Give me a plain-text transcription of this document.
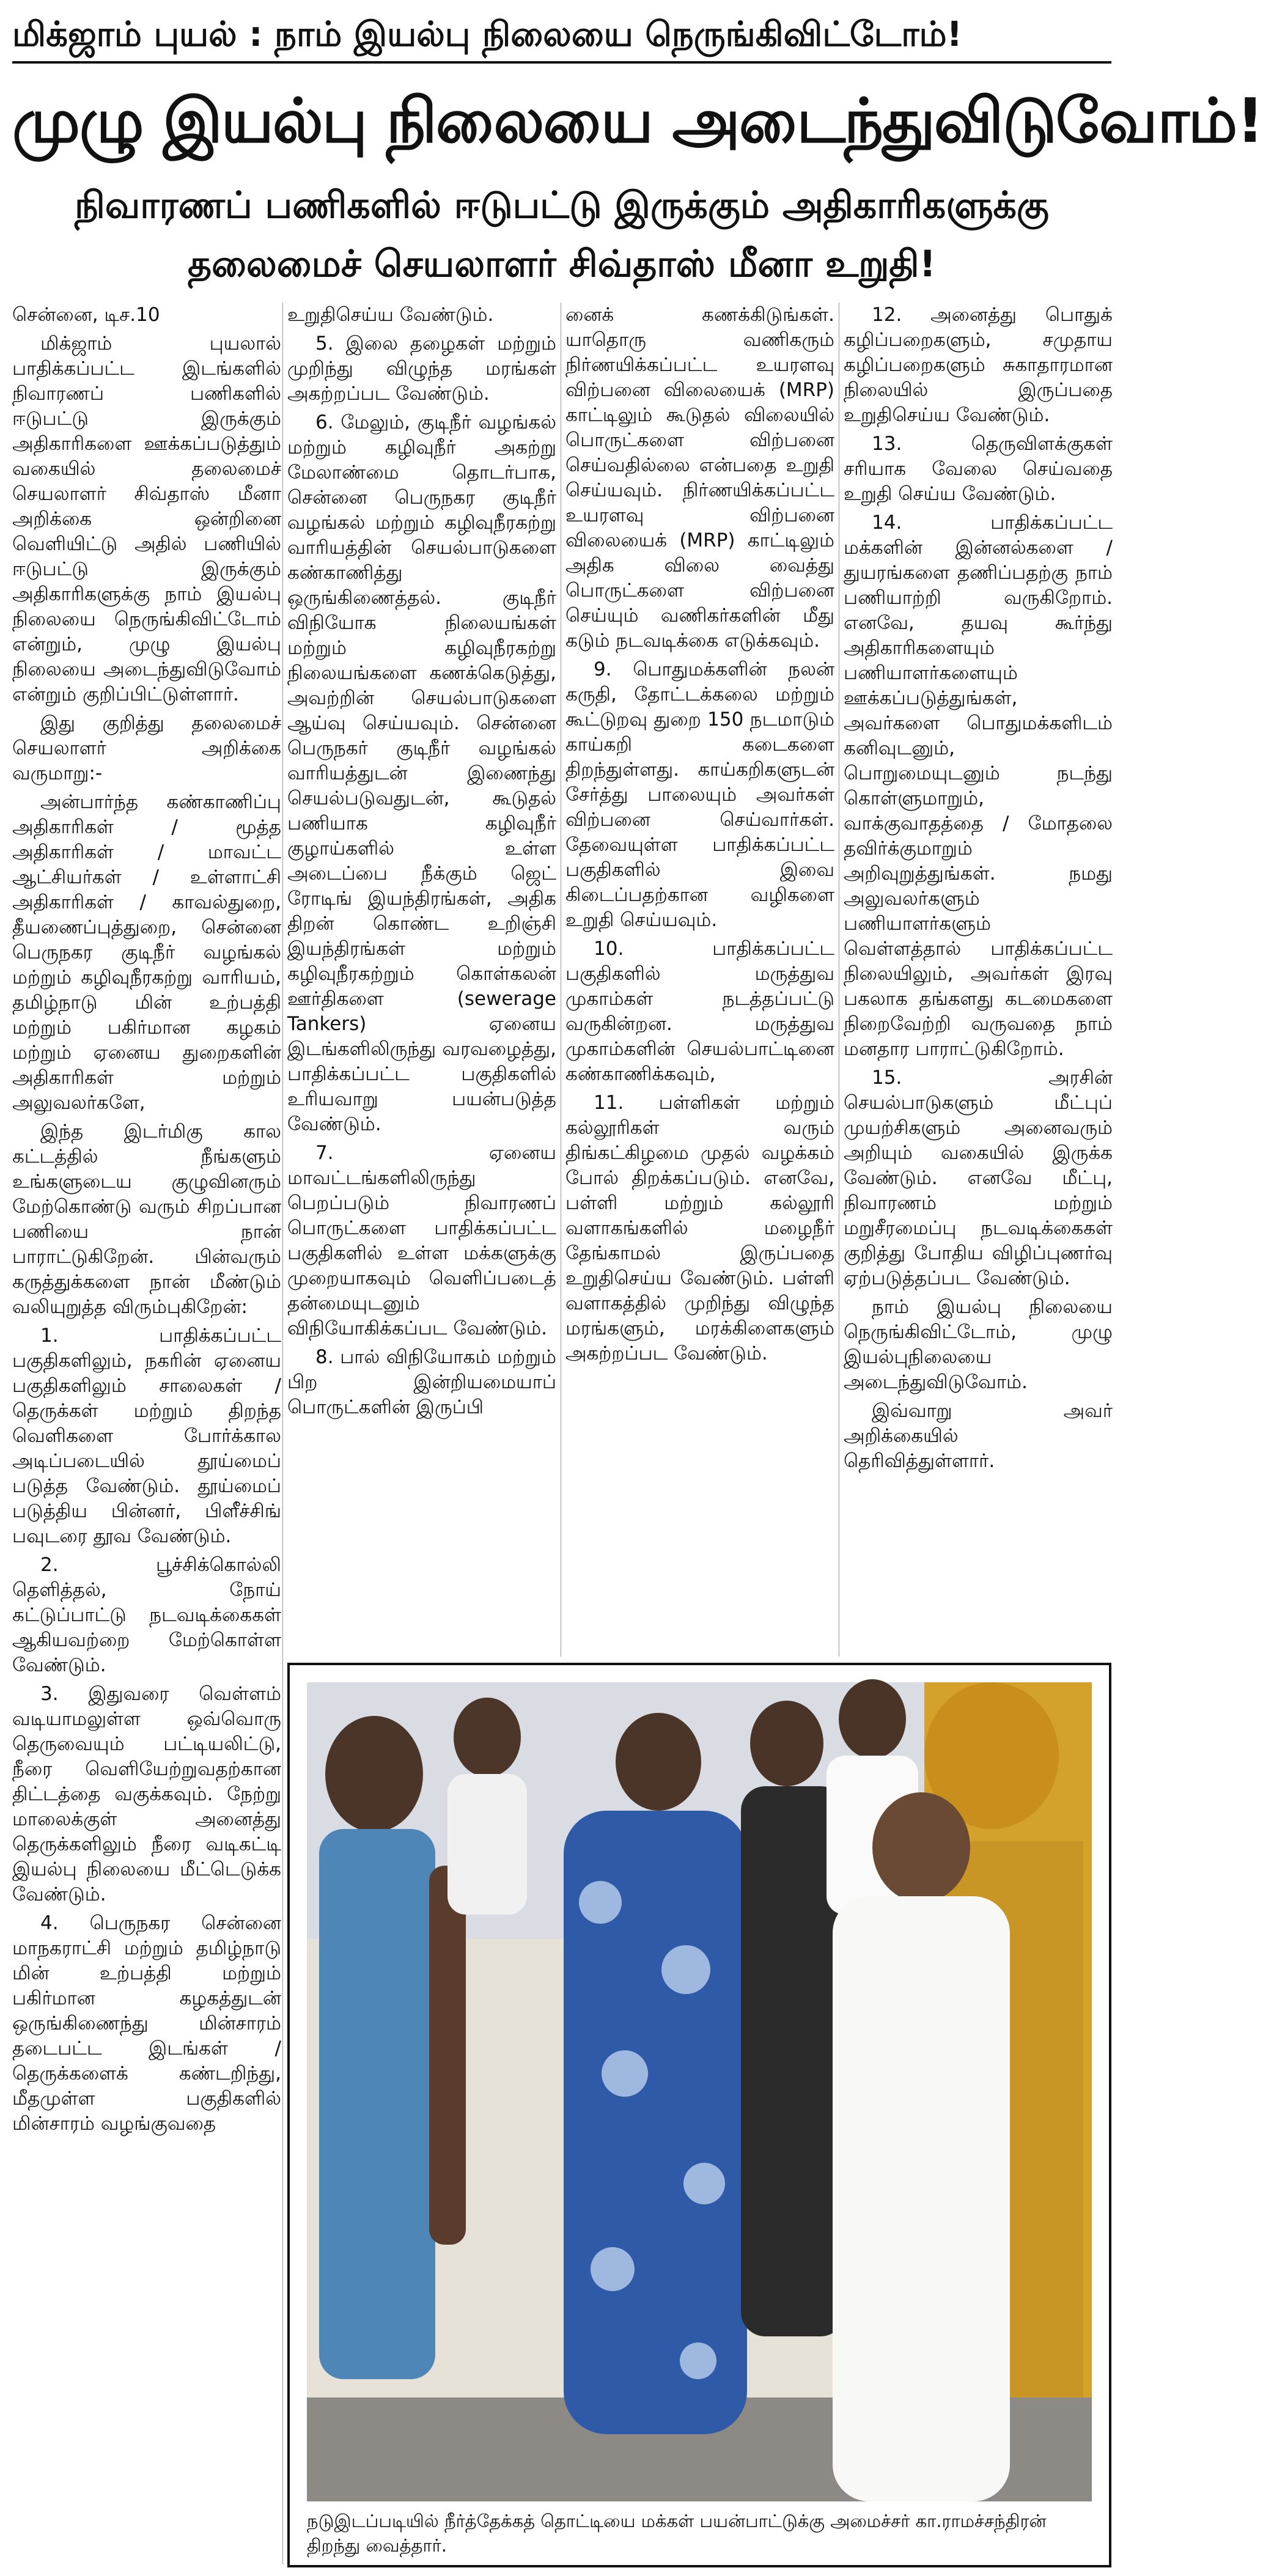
மிக்ஜாம் புயல் : நாம் இயல்பு நிலையை நெருங்கிவிட்டோம்!
முழு இயல்பு நிலையை அடைந்துவிடுவோம்!
நிவாரணப் பணிகளில் ஈடுபட்டு இருக்கும் அதிகாரிகளுக்கு
தலைமைச் செயலாளர் சிவ்தாஸ் மீனா உறுதி!

சென்னை, டிச.10

மிக்ஜாம் புயலால் பாதிக்கப்பட்ட இடங்களில் நிவாரணப் பணிகளில் ஈடுபட்டு இருக்கும் அதிகாரிகளை ஊக்கப்படுத்தும் வகையில் தலைமைச் செயலாளர் சிவ்தாஸ் மீனா அறிக்கை ஒன்றினை வெளியிட்டு அதில் பணியில் ஈடுபட்டு இருக்கும் அதிகாரிகளுக்கு நாம் இயல்பு நிலையை நெருங்கிவிட்டோம் என்றும், முழு இயல்பு நிலையை அடைந்துவிடுவோம் என்றும் குறிப்பிட்டுள்ளார்.

இது குறித்து தலைமைச் செயலாளர் அறிக்கை வருமாறு:-

அன்பார்ந்த கண்காணிப்பு அதிகாரிகள் / மூத்த அதிகாரிகள் / மாவட்ட ஆட்சியர்கள் / உள்ளாட்சி அதிகாரிகள் / காவல்துறை, தீயணைப்புத்துறை, சென்னை பெருநகர குடிநீர் வழங்கல் மற்றும் கழிவுநீரகற்று வாரியம், தமிழ்நாடு மின் உற்பத்தி மற்றும் பகிர்மான கழகம் மற்றும் ஏனைய துறைகளின் அதிகாரிகள் மற்றும் அலுவலர்களே,

இந்த இடர்மிகு கால கட்டத்தில் நீங்களும் உங்களுடைய குழுவினரும் மேற்கொண்டு வரும் சிறப்பான பணியை நான் பாராட்டுகிறேன். பின்வரும் கருத்துக்களை நான் மீண்டும் வலியுறுத்த விரும்புகிறேன்:

1. பாதிக்கப்பட்ட பகுதிகளிலும், நகரின் ஏனைய பகுதிகளிலும் சாலைகள் / தெருக்கள் மற்றும் திறந்த வெளிகளை போர்க்கால அடிப்படையில் தூய்மைப் படுத்த வேண்டும். தூய்மைப் படுத்திய பின்னர், பிளீச்சிங் பவுடரை தூவ வேண்டும்.

2. பூச்சிக்கொல்லி தெளித்தல், நோய் கட்டுப்பாட்டு நடவடிக்கைகள் ஆகியவற்றை மேற்கொள்ள வேண்டும்.

3. இதுவரை வெள்ளம் வடியாமலுள்ள ஒவ்வொரு தெருவையும் பட்டியலிட்டு, நீரை வெளியேற்றுவதற்கான திட்டத்தை வகுக்கவும். நேற்று மாலைக்குள் அனைத்து தெருக்களிலும் நீரை வடிகட்டி இயல்பு நிலையை மீட்டெடுக்க வேண்டும்.

4. பெருநகர சென்னை மாநகராட்சி மற்றும் தமிழ்நாடு மின் உற்பத்தி மற்றும் பகிர்மான கழகத்துடன் ஒருங்கிணைந்து மின்சாரம் தடைபட்ட இடங்கள் / தெருக்களைக் கண்டறிந்து, மீதமுள்ள பகுதிகளில் மின்சாரம் வழங்குவதை

உறுதிசெய்ய வேண்டும்.

5. இலை தழைகள் மற்றும் முறிந்து விழுந்த மரங்கள் அகற்றப்பட வேண்டும்.

6. மேலும், குடிநீர் வழங்கல் மற்றும் கழிவுநீர் அகற்று மேலாண்மை தொடர்பாக, சென்னை பெருநகர குடிநீர் வழங்கல் மற்றும் கழிவுநீரகற்று வாரியத்தின் செயல்பாடுகளை கண்காணித்து ஒருங்கிணைத்தல். குடிநீர் விநியோக நிலையங்கள் மற்றும் கழிவுநீரகற்று நிலையங்களை கணக்கெடுத்து, அவற்றின் செயல்பாடுகளை ஆய்வு செய்யவும். சென்னை பெருநகர் குடிநீர் வழங்கல் வாரியத்துடன் இணைந்து செயல்படுவதுடன், கூடுதல் பணியாக கழிவுநீர் குழாய்களில் உள்ள அடைப்பை நீக்கும் ஜெட் ரோடிங் இயந்திரங்கள், அதிக திறன் கொண்ட உறிஞ்சி இயந்திரங்கள் மற்றும் கழிவுநீரகற்றும் கொள்கலன் ஊர்திகளை (sewerage Tankers) ஏனைய இடங்களிலிருந்து வரவழைத்து, பாதிக்கப்பட்ட பகுதிகளில் உரியவாறு பயன்படுத்த வேண்டும்.

7. ஏனைய மாவட்டங்களிலிருந்து பெறப்படும் நிவாரணப் பொருட்களை பாதிக்கப்பட்ட பகுதிகளில் உள்ள மக்களுக்கு முறையாகவும் வெளிப்படைத் தன்மையுடனும் விநியோகிக்கப்பட வேண்டும்.

8. பால் விநியோகம் மற்றும் பிற இன்றியமையாப் பொருட்களின் இருப்பி

னைக் கணக்கிடுங்கள். யாதொரு வணிகரும் நிர்ணயிக்கப்பட்ட உயரளவு விற்பனை விலையைக் (MRP) காட்டிலும் கூடுதல் விலையில் பொருட்களை விற்பனை செய்வதில்லை என்பதை உறுதி செய்யவும். நிர்ணயிக்கப்பட்ட உயரளவு விற்பனை விலையைக் (MRP) காட்டிலும் அதிக விலை வைத்து பொருட்களை விற்பனை செய்யும் வணிகர்களின் மீது கடும் நடவடிக்கை எடுக்கவும்.

9. பொதுமக்களின் நலன் கருதி, தோட்டக்கலை மற்றும் கூட்டுறவு துறை 150 நடமாடும் காய்கறி கடைகளை திறந்துள்ளது. காய்கறிகளுடன் சேர்த்து பாலையும் அவர்கள் விற்பனை செய்வார்கள். தேவையுள்ள பாதிக்கப்பட்ட பகுதிகளில் இவை கிடைப்பதற்கான வழிகளை உறுதி செய்யவும்.

10. பாதிக்கப்பட்ட பகுதிகளில் மருத்துவ முகாம்கள் நடத்தப்பட்டு வருகின்றன. மருத்துவ முகாம்களின் செயல்பாட்டினை கண்காணிக்கவும்,

11. பள்ளிகள் மற்றும் கல்லூரிகள் வரும் திங்கட்கிழமை முதல் வழக்கம் போல் திறக்கப்படும். எனவே, பள்ளி மற்றும் கல்லூரி வளாகங்களில் மழைநீர் தேங்காமல் இருப்பதை உறுதிசெய்ய வேண்டும். பள்ளி வளாகத்தில் முறிந்து விழுந்த மரங்களும், மரக்கிளைகளும் அகற்றப்பட வேண்டும்.

12. அனைத்து பொதுக் கழிப்பறைகளும், சமுதாய கழிப்பறைகளும் சுகாதாரமான நிலையில் இருப்பதை உறுதிசெய்ய வேண்டும்.

13. தெருவிளக்குகள் சரியாக வேலை செய்வதை உறுதி செய்ய வேண்டும்.

14. பாதிக்கப்பட்ட மக்களின் இன்னல்களை / துயரங்களை தணிப்பதற்கு நாம் பணியாற்றி வருகிறோம். எனவே, தயவு கூர்ந்து அதிகாரிகளையும் பணியாளர்களையும் ஊக்கப்படுத்துங்கள், அவர்களை பொதுமக்களிடம் கனிவுடனும், பொறுமையுடனும் நடந்து கொள்ளுமாறும், வாக்குவாதத்தை / மோதலை தவிர்க்குமாறும் அறிவுறுத்துங்கள். நமது அலுவலர்களும் பணியாளர்களும் வெள்ளத்தால் பாதிக்கப்பட்ட நிலையிலும், அவர்கள் இரவு பகலாக தங்களது கடமைகளை நிறைவேற்றி வருவதை நாம் மனதார பாராட்டுகிறோம்.

15. அரசின் செயல்பாடுகளும் மீட்புப் முயற்சிகளும் அனைவரும் அறியும் வகையில் இருக்க வேண்டும். எனவே மீட்பு, நிவாரணம் மற்றும் மறுசீரமைப்பு நடவடிக்கைகள் குறித்து போதிய விழிப்புணர்வு ஏற்படுத்தப்பட வேண்டும்.

நாம் இயல்பு நிலையை நெருங்கிவிட்டோம், முழு இயல்புநிலையை அடைந்துவிடுவோம்.

இவ்வாறு அவர் அறிக்கையில் தெரிவித்துள்ளார்.

நடுஇடப்படியில் நீர்த்தேக்கத் தொட்டியை மக்கள் பயன்பாட்டுக்கு அமைச்சர் கா.ராமச்சந்திரன் திறந்து வைத்தார்.
